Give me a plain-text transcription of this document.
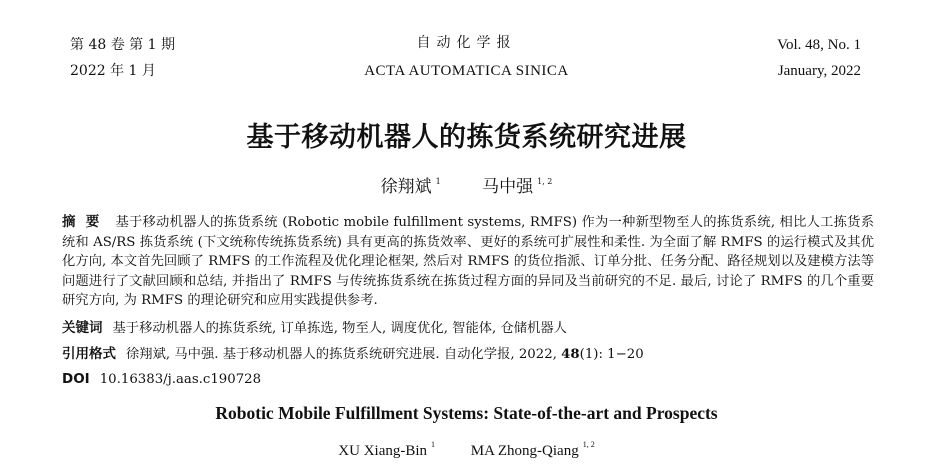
第 48 卷 第 1 期
2022 年 1 月
自动化学报
ACTA AUTOMATICA SINICA
Vol. 48, No. 1
January, 2022
基于移动机器人的拣货系统研究进展
徐翔斌 $^1$ 马中强 $^{1, 2}$
摘要 基于移动机器人的拣货系统 (Robotic mobile fulfillment systems, RMFS) 作为一种新型物至人的拣货系统, 相比人工拣货系统和 AS/RS 拣货系统 (下文统称传统拣货系统) 具有更高的拣货效率、更好的系统可扩展性和柔性. 为全面了解 RMFS 的运行模式及其优化方向, 本文首先回顾了 RMFS 的工作流程及优化理论框架, 然后对 RMFS 的货位指派、订单分批、任务分配、路径规划以及建模方法等问题进行了文献回顾和总结, 并指出了 RMFS 与传统拣货系统在拣货过程方面的异同及当前研究的不足. 最后, 讨论了 RMFS 的几个重要研究方向, 为 RMFS 的理论研究和应用实践提供参考.
关键词 基于移动机器人的拣货系统, 订单拣选, 物至人, 调度优化, 智能体, 仓储机器人
引用格式 徐翔斌, 马中强. 基于移动机器人的拣货系统研究进展. 自动化学报, 2022, 48(1): 1−20
DOI 10.16383/j.aas.c190728
Robotic Mobile Fulfillment Systems: State-of-the-art and Prospects
XU Xiang-Bin $^1$ MA Zhong-Qiang $^{1, 2}$
